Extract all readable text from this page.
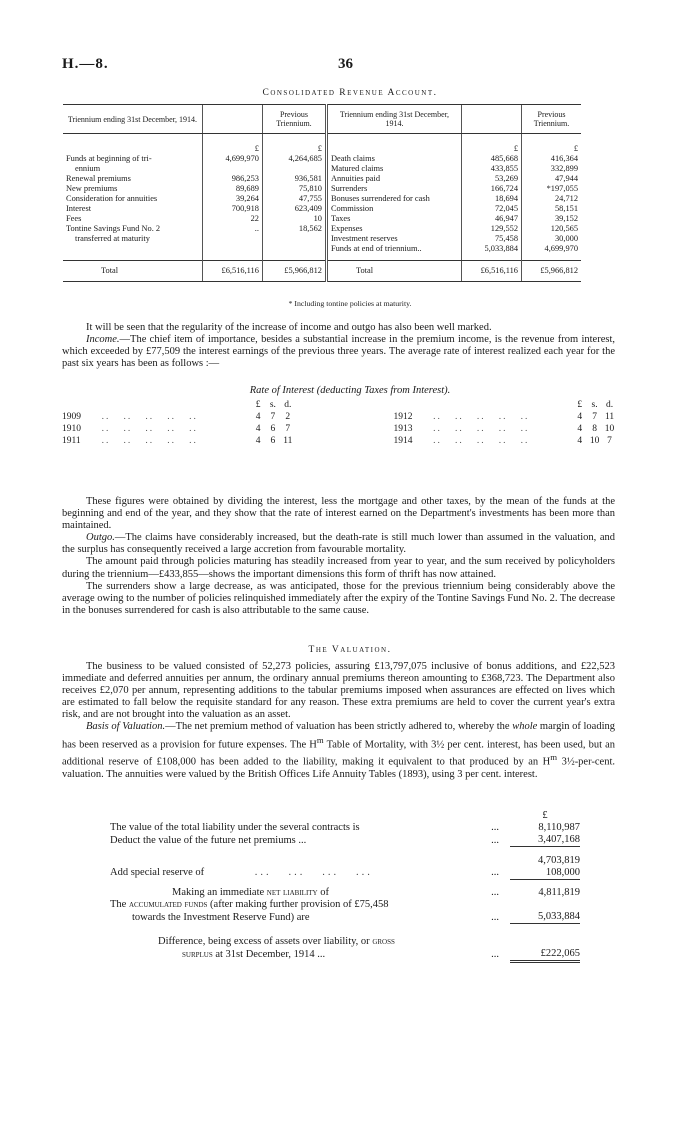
H.—8.	36
Consolidated Revenue Account.
Triennium ending 31st December, 1914.		Previous Triennium.	Triennium ending 31st December, 1914.		Previous Triennium.
	£	£		£	£
Funds at beginning of tri-	4,699,970	4,264,685	Death claims	485,668	416,364
ennium			Matured claims	433,855	332,899
Renewal premiums	986,253	936,581	Annuities paid	53,269	47,944
New premiums	89,689	75,810	Surrenders	166,724	*197,055
Consideration for annuities	39,264	47,755	Bonuses surrendered for cash	18,694	24,712
Interest	700,918	623,409	Commission	72,045	58,151
Fees	22	10	Taxes	46,947	39,152
Tontine Savings Fund No. 2	..	18,562	Expenses	129,552	120,565
transferred at maturity			Investment reserves	75,458	30,000
			Funds at end of triennium..	5,033,884	4,699,970

Total	£6,516,116	£5,966,812	Total	£6,516,116	£5,966,812
* Including tontine policies at maturity.

It will be seen that the regularity of the increase of income and outgo has also been well marked.

Income.—The chief item of importance, besides a substantial increase in the premium income, is the revenue from interest, which exceeded by £77,509 the interest earnings of the previous three years. The average rate of interest realized each year for the past six years has been as follows :—

Rate of Interest (deducting Taxes from Interest).
		£	s.	d.				£	s.	d.
1909	..   ..   ..   ..   ..	4	7	2		1912	..   ..   ..   ..   ..	4	7	11
1910	..   ..   ..   ..   ..	4	6	7		1913	..   ..   ..   ..   ..	4	8	10
1911	..   ..   ..   ..   ..	4	6	11		1914	..   ..   ..   ..   ..	4	10	7

These figures were obtained by dividing the interest, less the mortgage and other taxes, by the mean of the funds at the beginning and end of the year, and they show that the rate of interest earned on the Department's investments has been more than maintained.

Outgo.—The claims have considerably increased, but the death-rate is still much lower than assumed in the valuation, and the surplus has consequently received a large accretion from favourable mortality.

The amount paid through policies maturing has steadily increased from year to year, and the sum received by policyholders during the triennium—£433,855—shows the important dimensions this form of thrift has now attained.

The surrenders show a large decrease, as was anticipated, those for the previous triennium being considerably above the average owing to the number of policies relinquished immediately after the expiry of the Tontine Savings Fund No. 2. The decrease in the bonuses surrendered for cash is also attributable to the same cause.

The Valuation.

The business to be valued consisted of 52,273 policies, assuring £13,797,075 inclusive of bonus additions, and £22,523 immediate and deferred annuities per annum, the ordinary annual premiums thereon amounting to £368,723. The Department also receives £2,070 per annum, representing additions to the tabular premiums imposed when assurances are effected on lives which are estimated to fall below the requisite standard for any reason. These extra premiums are held to cover the current year's extra risk, and are not brought into the valuation as an asset.

Basis of Valuation.—The net premium method of valuation has been strictly adhered to, whereby the whole margin of loading has been reserved as a provision for future expenses. The $H^m$ Table of Mortality, with 3½ per cent. interest, has been used, but an additional reserve of £108,000 has been added to the liability, making it equivalent to that produced by an $H^m$ 3½-per-cent. valuation. The annuities were valued by the British Offices Life Annuity Tables (1893), using 3 per cent. interest.

		£
The value of the total liability under the several contracts is	...	8,110,987
Deduct the value of the future net premiums ...	...	3,407,168

		4,703,819
Add special reserve of ...   ...   ...   ...	...	108,000

Making an immediate net liability of	...	4,811,819
The accumulated funds (after making further provision of £75,458		
towards the Investment Reserve Fund) are	...	5,033,884

Difference, being excess of assets over liability, or gross		
surplus at 31st December, 1914 ...	...	£222,065
